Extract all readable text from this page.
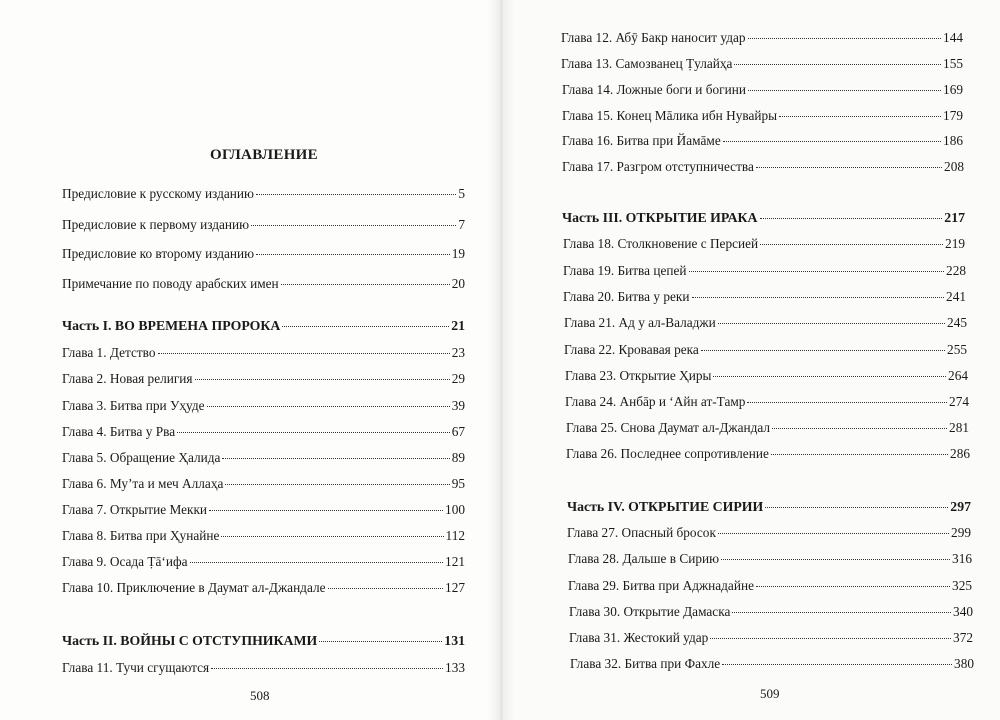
ОГЛАВЛЕНИЕ
Предисловие к русскому изданию	5
Предисловие к первому изданию	7
Предисловие ко второму изданию	19
Примечание по поводу арабских имен	20
Часть I. ВО ВРЕМЕНА ПРОРОКА	21
Глава 1. Детство	23
Глава 2. Новая религия	29
Глава 3. Битва при Уҳуде	39
Глава 4. Битва у Рва	67
Глава 5. Обращение Ҳалида	89
Глава 6. Му’та и меч Аллаҳа	95
Глава 7. Открытие Мекки	100
Глава 8. Битва при Ҳунайне	112
Глава 9. Осада Ṭā‘ифа	121
Глава 10. Приключение в Даумат ал-Джандале	127
Часть II. ВОЙНЫ С ОТСТУПНИКАМИ	131
Глава 11. Тучи сгущаются	133
508
Глава 12. Абӯ Бакр наносит удар	144
Глава 13. Самозванец Ṭулайҳа	155
Глава 14. Ложные боги и богини	169
Глава 15. Конец Мāлика ибн Нувайры	179
Глава 16. Битва при Йамāме	186
Глава 17. Разгром отступничества	208
Часть III. ОТКРЫТИЕ ИРАКА	217
Глава 18. Столкновение с Персией	219
Глава 19. Битва цепей	228
Глава 20. Битва у реки	241
Глава 21. Ад у ал-Валаджи	245
Глава 22. Кровавая река	255
Глава 23. Открытие Ҳиры	264
Глава 24. Анбāр и ‘Айн ат-Тамр	274
Глава 25. Снова Даумат ал-Джандал	281
Глава 26. Последнее сопротивление	286
Часть IV. ОТКРЫТИЕ СИРИИ	297
Глава 27. Опасный бросок	299
Глава 28. Дальше в Сирию	316
Глава 29. Битва при Аджнадайне	325
Глава 30. Открытие Дамаска	340
Глава 31. Жестокий удар	372
Глава 32. Битва при Фахле	380
509
